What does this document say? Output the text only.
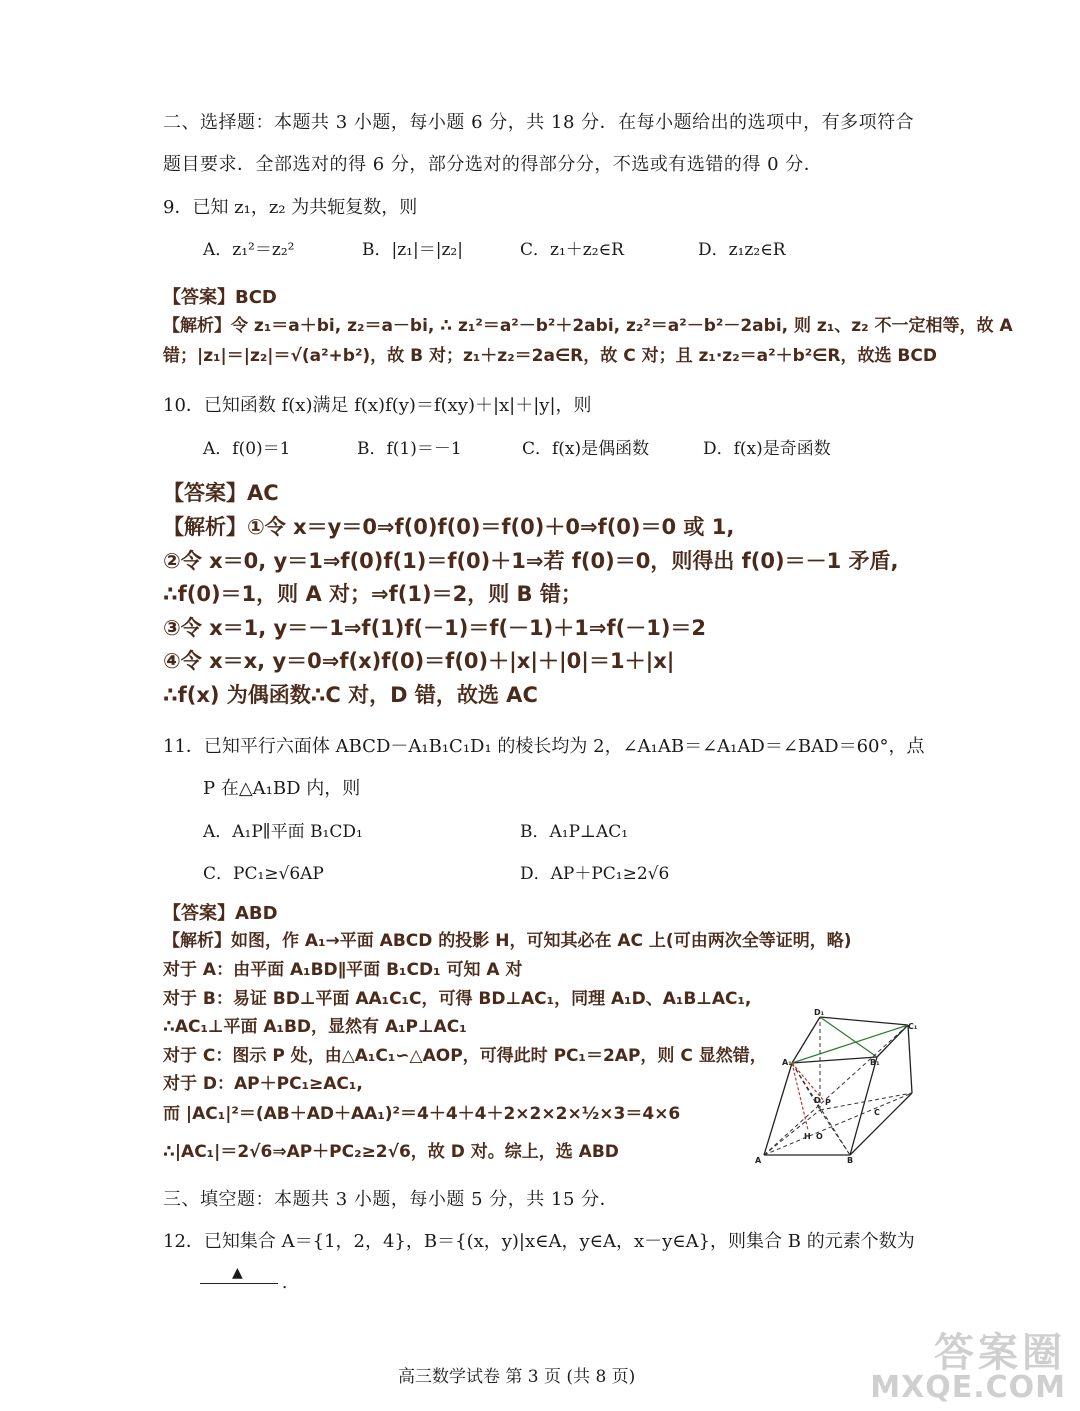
二、选择题：本题共 3 小题，每小题 6 分，共 18 分．在每小题给出的选项中，有多项符合
题目要求．全部选对的得 6 分，部分选对的得部分分，不选或有选错的得 0 分．
9．已知 z₁，z₂ 为共轭复数，则
A．z₁²＝z₂²	B．|z₁|＝|z₂|	C．z₁＋z₂∈R	D．z₁z₂∈R
【答案】BCD
【解析】令 z₁＝a＋bi, z₂＝a－bi, ∴ z₁²＝a²－b²＋2abi, z₂²＝a²－b²－2abi, 则 z₁、z₂ 不一定相等，故 A
错；|z₁|＝|z₂|＝√(a²+b²)，故 B 对；z₁＋z₂＝2a∈R，故 C 对；且 z₁·z₂＝a²＋b²∈R，故选 BCD
10．已知函数 f(x)满足 f(x)f(y)＝f(xy)＋|x|＋|y|，则
A．f(0)＝1	B．f(1)＝－1	C．f(x)是偶函数	D．f(x)是奇函数
【答案】AC
【解析】①令 x＝y＝0⇒f(0)f(0)＝f(0)＋0⇒f(0)＝0 或 1,
②令 x＝0, y＝1⇒f(0)f(1)＝f(0)＋1⇒若 f(0)＝0，则得出 f(0)＝－1 矛盾,
∴f(0)＝1，则 A 对；⇒f(1)＝2，则 B 错；
③令 x＝1, y＝－1⇒f(1)f(－1)＝f(－1)＋1⇒f(－1)＝2
④令 x＝x, y＝0⇒f(x)f(0)＝f(0)＋|x|＋|0|＝1＋|x|
∴f(x) 为偶函数∴C 对，D 错，故选 AC
11．已知平行六面体 ABCD－A₁B₁C₁D₁ 的棱长均为 2，∠A₁AB＝∠A₁AD＝∠BAD＝60°，点
P 在△A₁BD 内，则
A．A₁P∥平面 B₁CD₁	B．A₁P⊥AC₁
C．PC₁≥√6AP	D．AP＋PC₁≥2√6
【答案】ABD
【解析】如图，作 A₁→平面 ABCD 的投影 H，可知其必在 AC 上(可由两次全等证明，略)
对于 A：由平面 A₁BD∥平面 B₁CD₁ 可知 A 对
对于 B：易证 BD⊥平面 AA₁C₁C，可得 BD⊥AC₁，同理 A₁D、A₁B⊥AC₁,
∴AC₁⊥平面 A₁BD，显然有 A₁P⊥AC₁
对于 C：图示 P 处，由△A₁C₁∽△AOP，可得此时 PC₁＝2AP，则 C 显然错，
对于 D：AP＋PC₁≥AC₁,
而 |AC₁|²＝(AB＋AD＋AA₁)²＝4＋4＋4＋2×2×2×½×3＝4×6
∴|AC₁|＝2√6⇒AP＋PC₂≥2√6，故 D 对。综上，选 ABD
D₁
C₁
A₁	B₁
D P
C
H O
A	B
三、填空题：本题共 3 小题，每小题 5 分，共 15 分．
12．已知集合 A＝{1，2，4}，B＝{(x，y)|x∈A，y∈A，x－y∈A}，则集合 B 的元素个数为
▲ ．
高三数学试卷 第 3 页 (共 8 页)
答案圈
MXQE.COM
